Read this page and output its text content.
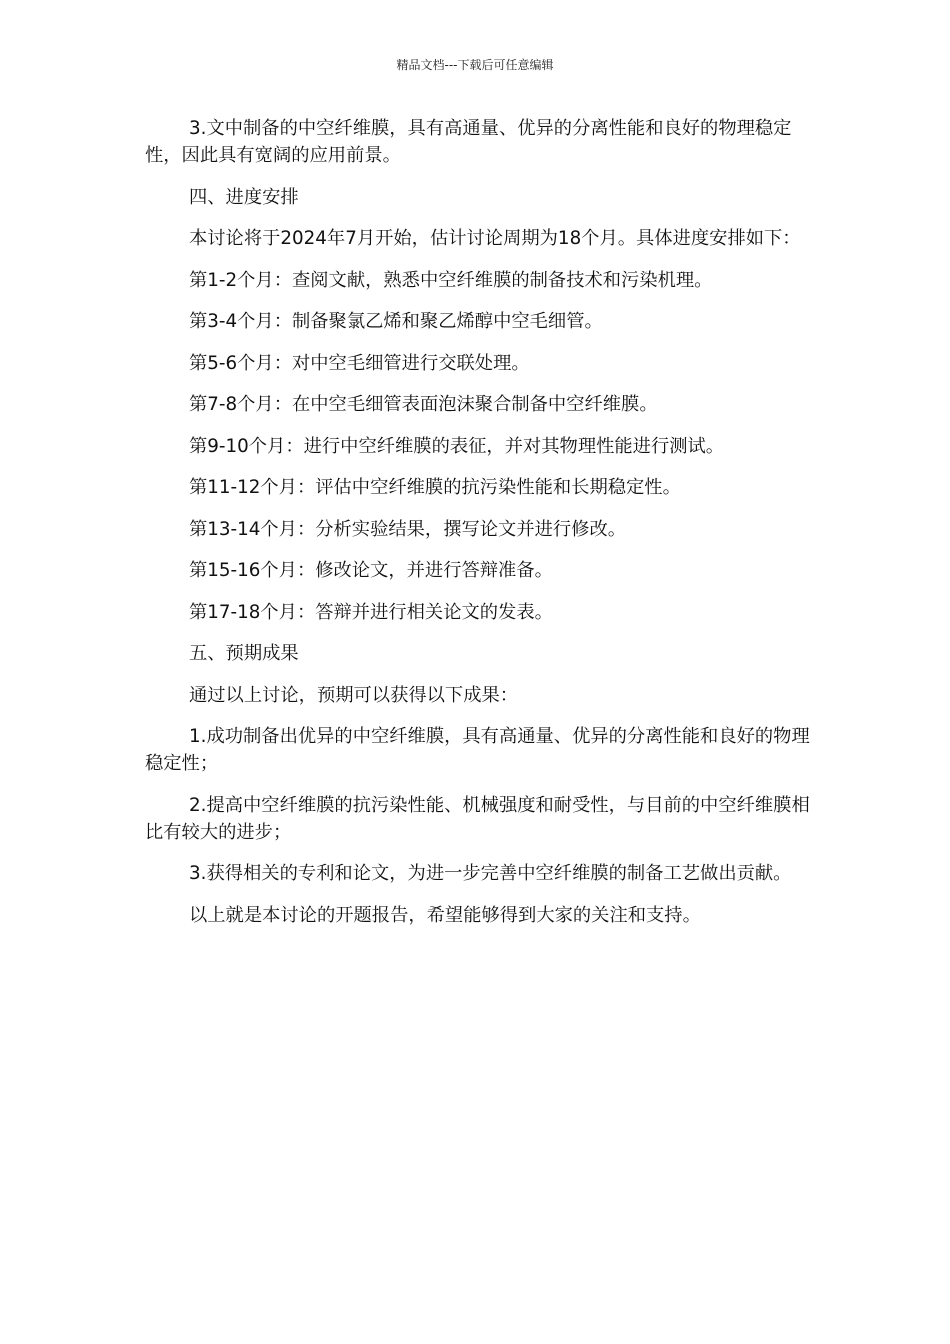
精品文档---下载后可任意编辑

3.文中制备的中空纤维膜，具有高通量、优异的分离性能和良好的物理稳定性，因此具有宽阔的应用前景。

四、进度安排

本讨论将于2024年7月开始，估计讨论周期为18个月。具体进度安排如下：

第1-2个月：查阅文献，熟悉中空纤维膜的制备技术和污染机理。

第3-4个月：制备聚氯乙烯和聚乙烯醇中空毛细管。

第5-6个月：对中空毛细管进行交联处理。

第7-8个月：在中空毛细管表面泡沫聚合制备中空纤维膜。

第9-10个月：进行中空纤维膜的表征，并对其物理性能进行测试。

第11-12个月：评估中空纤维膜的抗污染性能和长期稳定性。

第13-14个月：分析实验结果，撰写论文并进行修改。

第15-16个月：修改论文，并进行答辩准备。

第17-18个月：答辩并进行相关论文的发表。

五、预期成果

通过以上讨论，预期可以获得以下成果：

1.成功制备出优异的中空纤维膜，具有高通量、优异的分离性能和良好的物理稳定性；

2.提高中空纤维膜的抗污染性能、机械强度和耐受性，与目前的中空纤维膜相比有较大的进步；

3.获得相关的专利和论文，为进一步完善中空纤维膜的制备工艺做出贡献。

以上就是本讨论的开题报告，希望能够得到大家的关注和支持。
